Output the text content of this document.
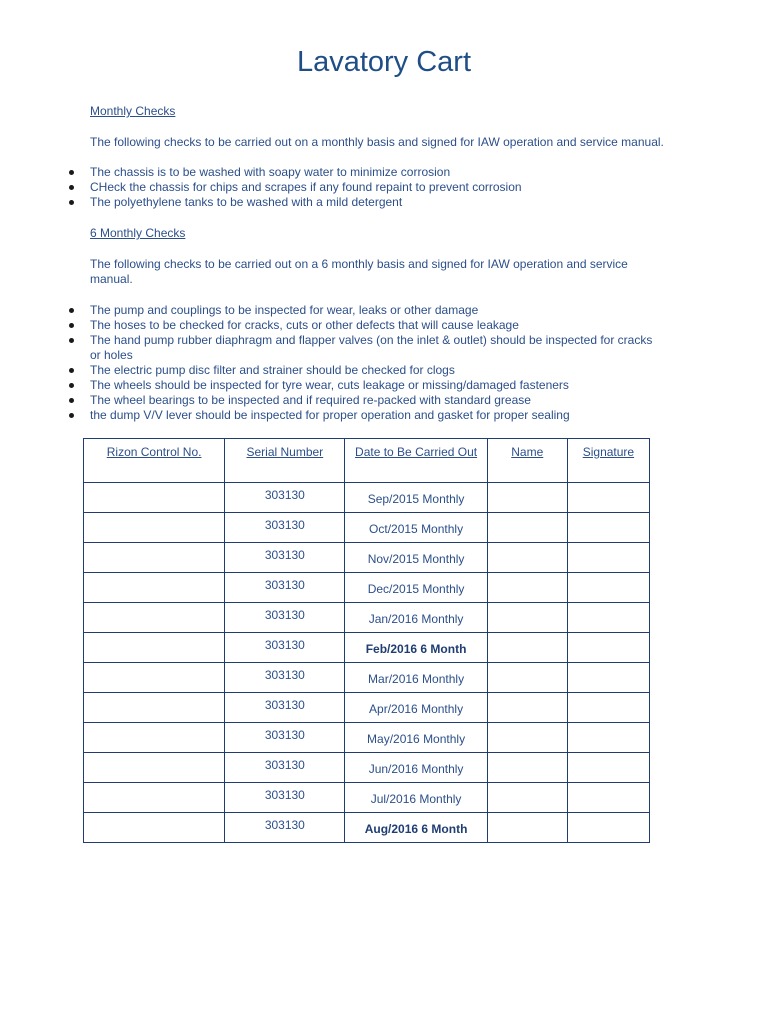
Lavatory Cart
Monthly Checks

The following checks to be carried out on a monthly basis and signed for IAW operation and service manual.

The chassis is to be washed with soapy water to minimize corrosion
CHeck the chassis for chips and scrapes if any found repaint to prevent corrosion
The polyethylene tanks to be washed with a mild detergent
6 Monthly Checks

The following checks to be carried out on a 6 monthly basis and signed for IAW operation and service manual.

The pump and couplings to be inspected for wear, leaks or other damage
The hoses to be checked for cracks, cuts or other defects that will cause leakage
The hand pump rubber diaphragm and flapper valves (on the inlet & outlet) should be inspected for cracks or holes
The electric pump disc filter and strainer should be checked for clogs
The wheels should be inspected for tyre wear, cuts leakage or missing/damaged fasteners
The wheel bearings to be inspected and if required re-packed with standard grease
the dump V/V lever should be inspected for proper operation and gasket for proper sealing
Rizon Control No.	Serial Number	Date to Be Carried Out	Name	Signature
	303130	Sep/2015 Monthly		
	303130	Oct/2015 Monthly		
	303130	Nov/2015 Monthly		
	303130	Dec/2015 Monthly		
	303130	Jan/2016 Monthly		
	303130	Feb/2016 6 Month		
	303130	Mar/2016 Monthly		
	303130	Apr/2016 Monthly		
	303130	May/2016 Monthly		
	303130	Jun/2016 Monthly		
	303130	Jul/2016 Monthly		
	303130	Aug/2016 6 Month		
